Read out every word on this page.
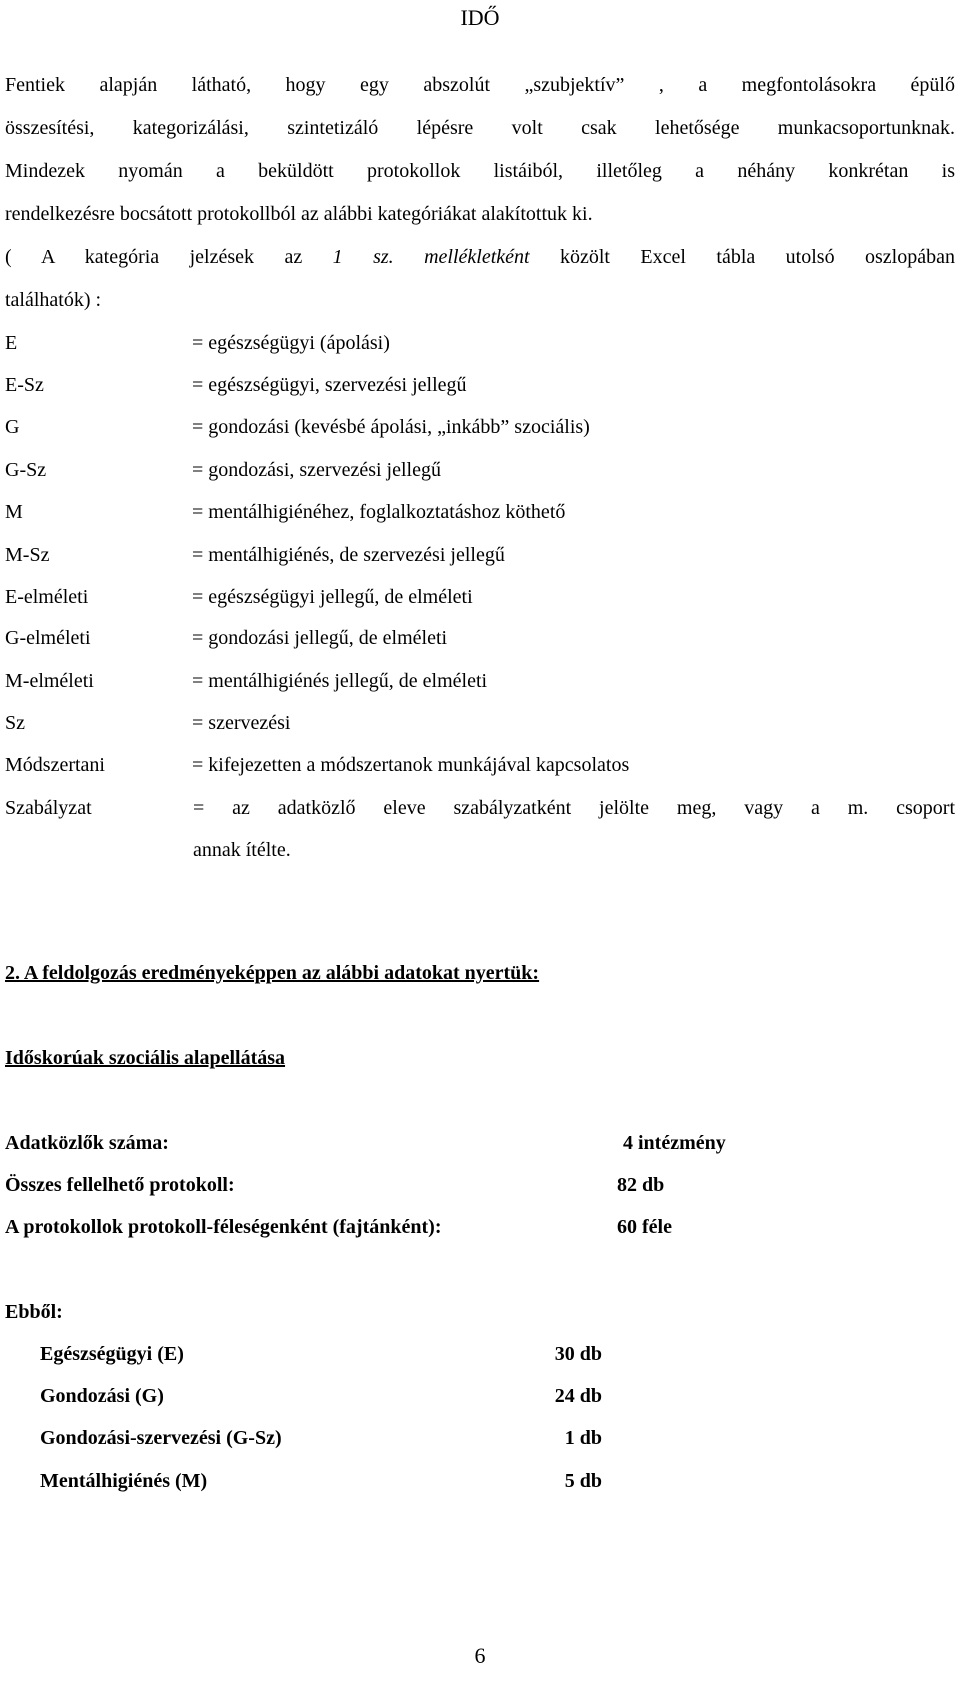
IDŐ
Fentiek alapján látható, hogy egy abszolút „szubjektív” , a megfontolásokra épülő
összesítési, kategorizálási, szintetizáló lépésre volt csak lehetősége munkacsoportunknak.
Mindezek nyomán a beküldött protokollok listáiból, illetőleg a néhány konkrétan is
rendelkezésre bocsátott protokollból az alábbi kategóriákat alakítottuk ki.
( A kategória jelzések az 1 sz. mellékletként közölt Excel tábla utolsó oszlopában
találhatók) :
E	= egészségügyi (ápolási)
E-Sz	= egészségügyi, szervezési jellegű
G	= gondozási (kevésbé ápolási, „inkább” szociális)
G-Sz	= gondozási, szervezési jellegű
M	= mentálhigiénéhez, foglalkoztatáshoz köthető
M-Sz	= mentálhigiénés, de szervezési jellegű
E-elméleti	= egészségügyi jellegű, de elméleti
G-elméleti	= gondozási jellegű, de elméleti
M-elméleti	= mentálhigiénés jellegű, de elméleti
Sz	= szervezési
Módszertani	= kifejezetten a módszertanok munkájával kapcsolatos
Szabályzat	= az adatközlő eleve szabályzatként jelölte meg, vagy a m. csoport
annak ítélte.
2. A feldolgozás eredményeképpen az alábbi adatokat nyertük:
Időskorúak szociális alapellátása
Adatközlők száma:	4 intézmény
Összes fellelhető protokoll:	82 db
A protokollok protokoll-féleségenként (fajtánként):	60 féle
Ebből:
Egészségügyi (E)	30 db
Gondozási (G)	24 db
Gondozási-szervezési (G-Sz)	1 db
Mentálhigiénés (M)	5 db
6
